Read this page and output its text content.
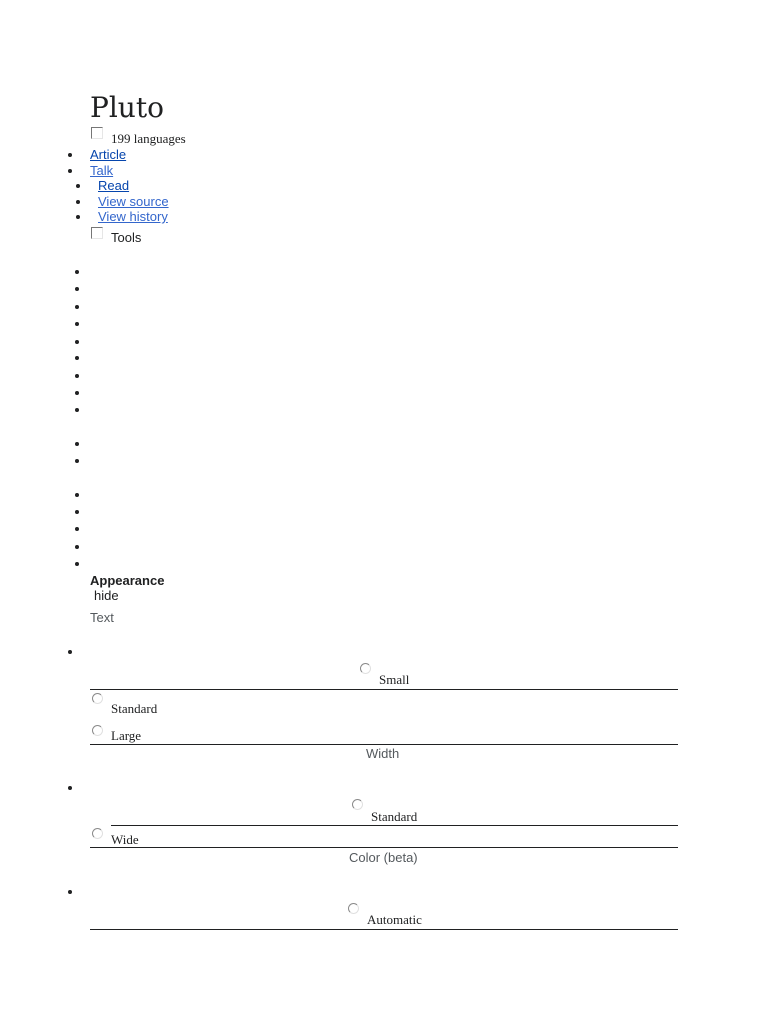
Pluto
199 languages
Article
Talk
Read
View source
View history
Tools
Appearance
hide
Text
Small
Standard
Large
Width
Standard
Wide
Color (beta)
Automatic
